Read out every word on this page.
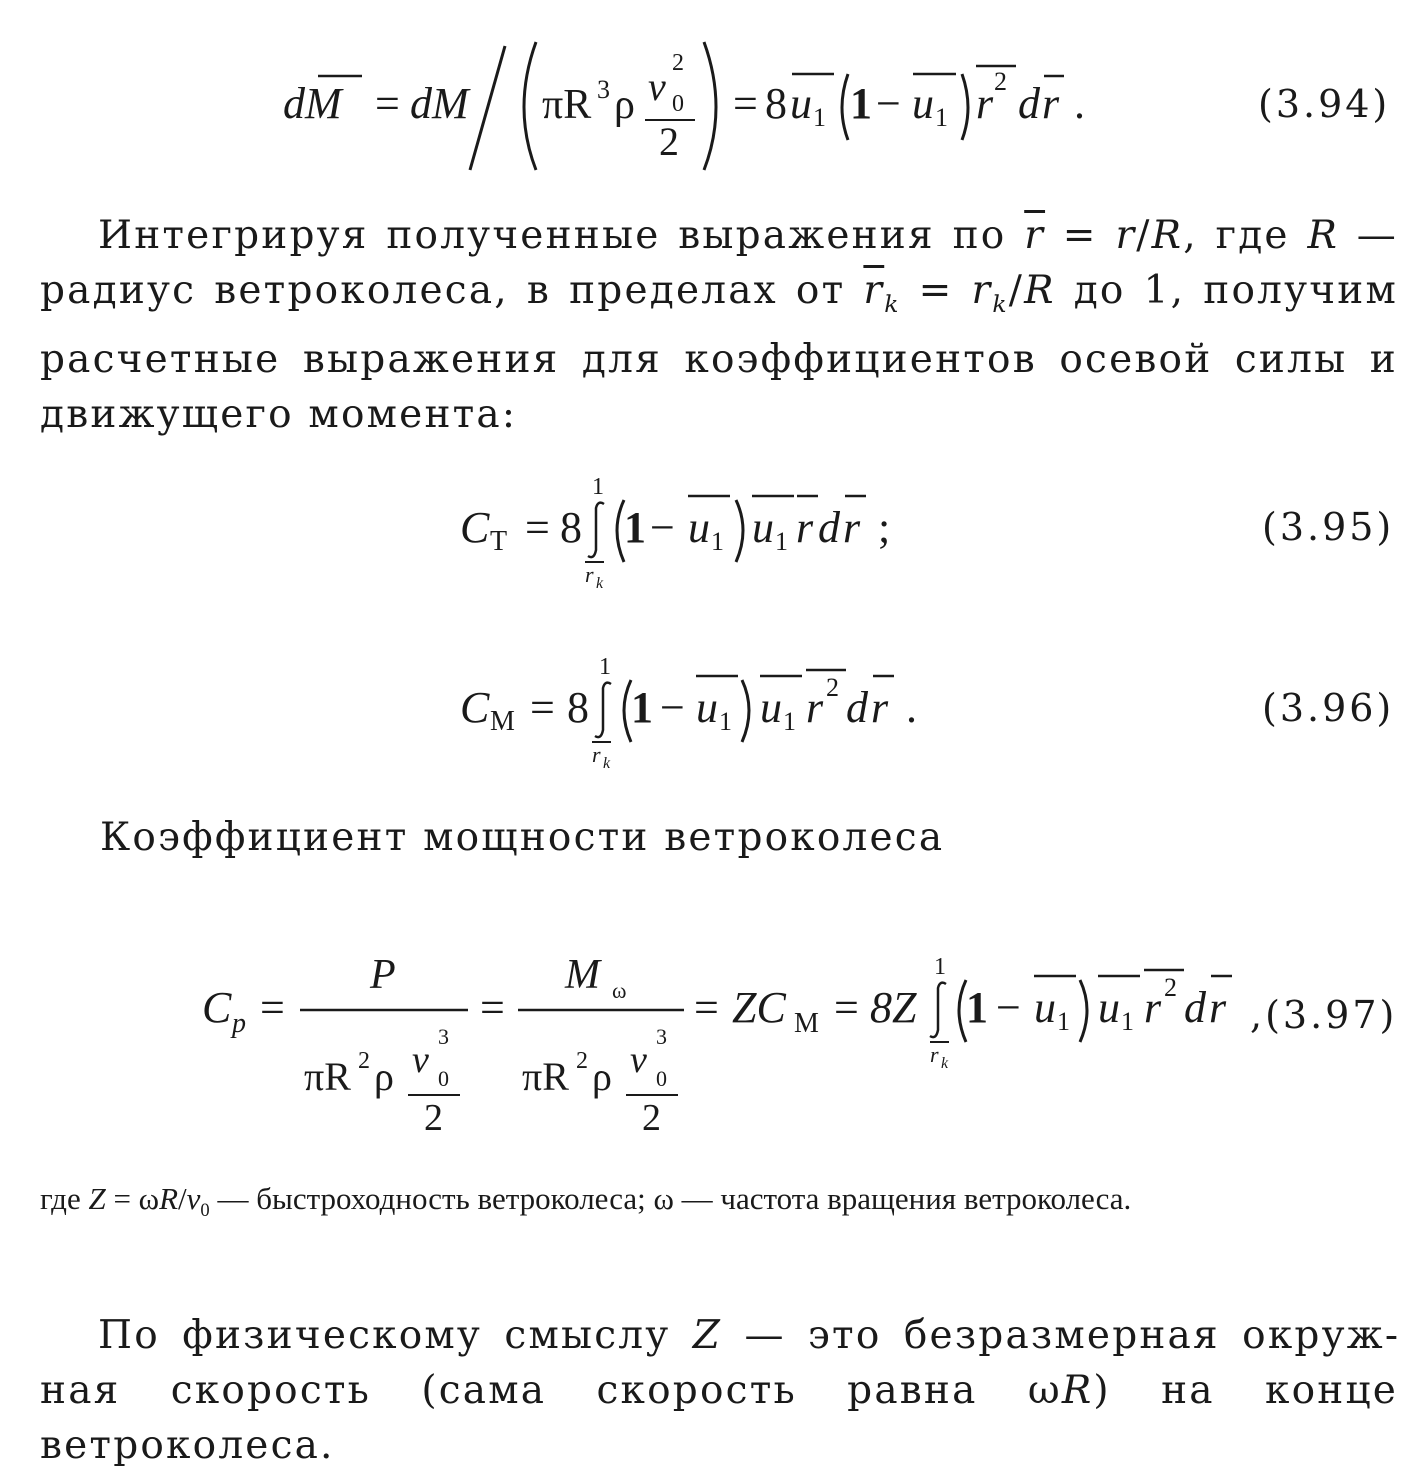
dM = dM πR 3 ρ v 0
2
2
= 8 u 1 1 − u 1 r 2 d r .	(3.94)
Интегрируя полученные выражения по $\overline{r} = r/R$, где R — радиус ветроколеса, в пределах от $\overline{r}_k = r_k/R$ до 1, получим расчетные выражения для коэффициентов осевой силы и движущего момента:
C Т = 8
1
r k
1 − u 1 u 1 r d r ;	(3.95)
C М = 8
1
r k
1 − u 1 u 1 r 2 d r .	(3.96)
Коэффициент мощности ветроколеса
C p =
P
πR 2 ρ v 0
3
2
=
M ω
πR 2 ρ v 0
3
2
= ZC М = 8Z
1
r k
1 − u 1 u 1 r 2 d r ,(3.97)
где $Z = \omega R/v_0$ — быстроходность ветроколеса; ω — частота вращения ветроколеса.
По физическому смыслу Z — это безразмерная окружная скорость (сама скорость равна ωR) на конце ветроколеса.
